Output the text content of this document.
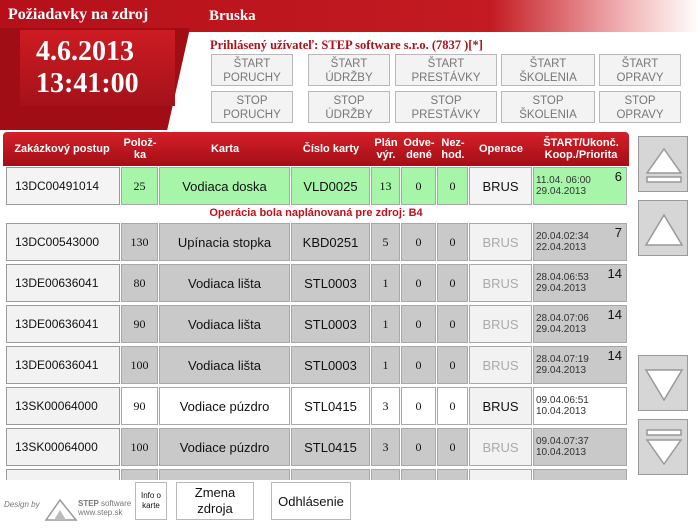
Požiadavky na zdroj	Bruska
4.6.2013
13:41:00
Prihlásený užívateľ: STEP software s.r.o. (7837 )[*]
ŠTART
PORUCHY
ŠTART
ÚDRŽBY
ŠTART
PRESTÁVKY
ŠTART
ŠKOLENIA
ŠTART
OPRAVY
STOP
PORUCHY
STOP
ÚDRŽBY
STOP
PRESTÁVKY
STOP
ŠKOLENIA
STOP
OPRAVY
Zakázkový postup	Polož-
ka	Karta	Číslo karty	Plán
výr.
Odve-
dené
Nez-
hod.	Operace	ŠTART/Ukonč.
Koop./Priorita
13DC00491014	25	Vodiaca doska	VLD0025	13	0	0	BRUS	11.04. 06:00
29.04.2013
6
Operácia bola naplánovaná pre zdroj: B4
13DC00543000	130	Upínacia stopka	KBD0251	5	0	0	BRUS	20.04.02:34
22.04.2013
7
13DE00636041	80	Vodiaca lišta	STL0003	1	0	0	BRUS	28.04.06:53
29.04.2013
14
13DE00636041	90	Vodiaca lišta	STL0003	1	0	0	BRUS	28.04.07:06
29.04.2013
14
13DE00636041	100	Vodiaca lišta	STL0003	1	0	0	BRUS	28.04.07:19
29.04.2013
14
13SK00064000	90	Vodiace púzdro	STL0415	3	0	0	BRUS	09.04.06:51
10.04.2013
13SK00064000	100	Vodiace púzdro	STL0415	3	0	0	BRUS	09.04.07:37
10.04.2013
Design by	STEP software
www.step.sk
Info o
karte
Zmena
zdroja	Odhlásenie
